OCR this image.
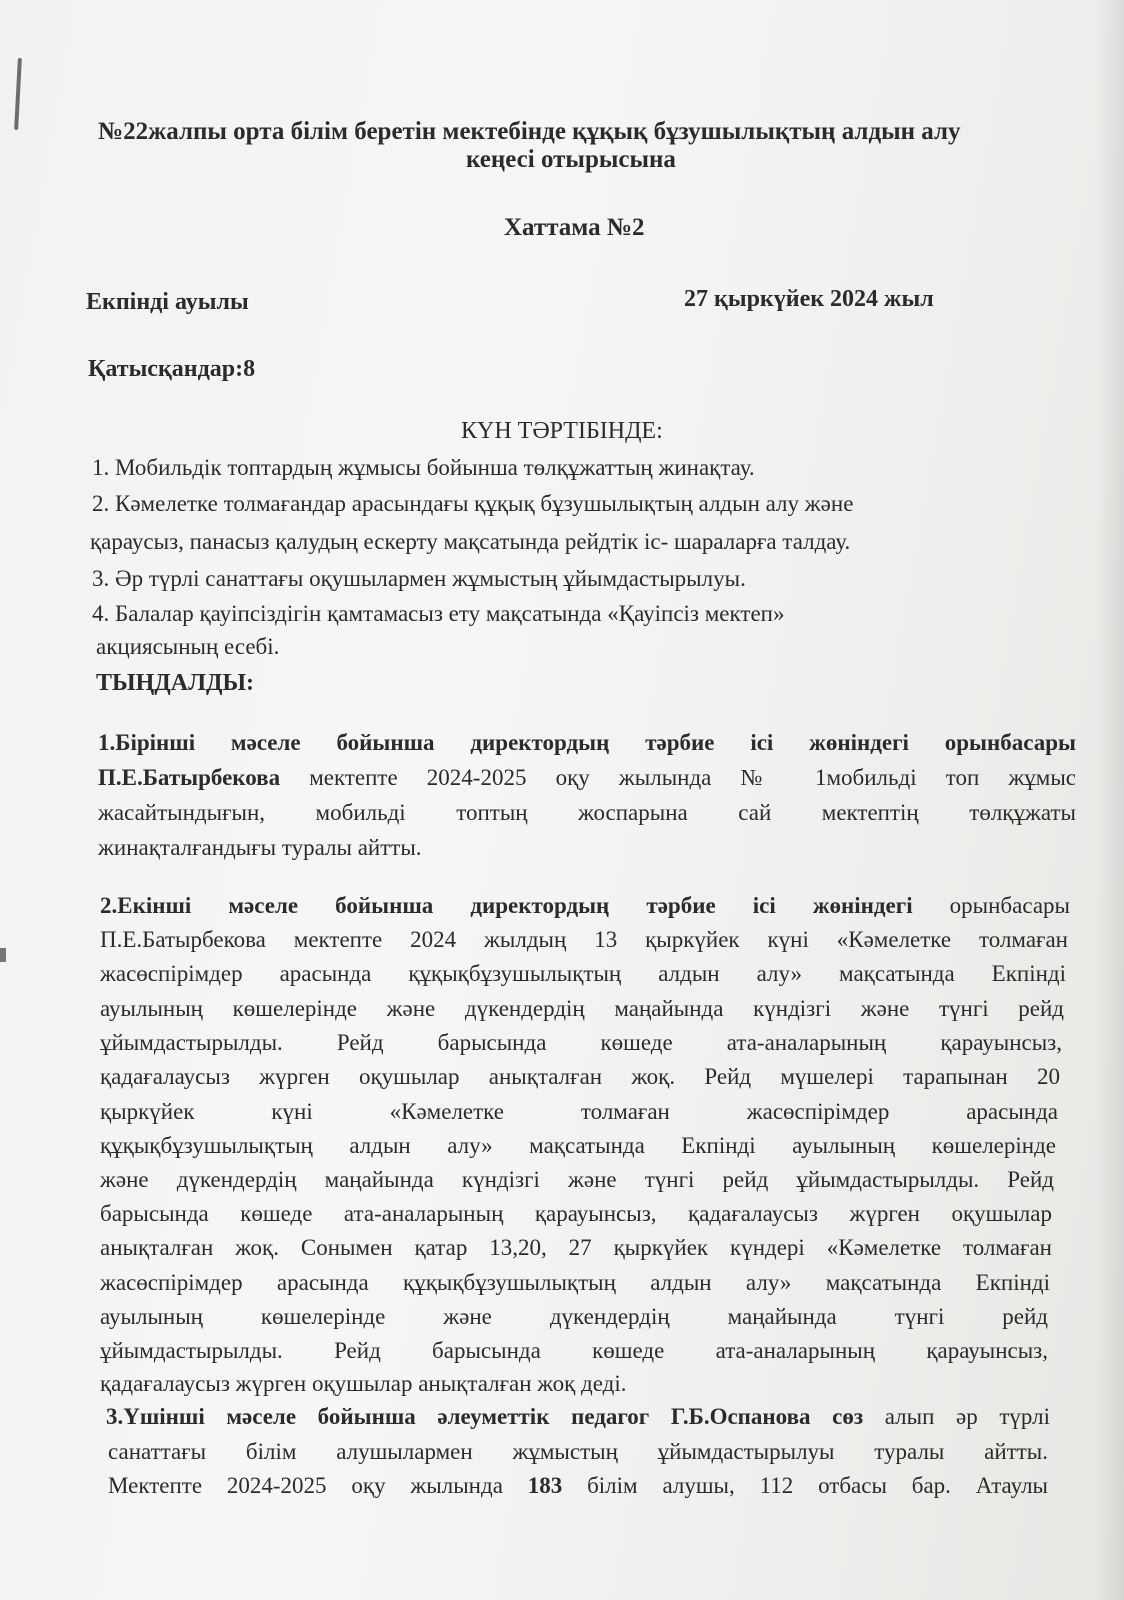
№22жалпы орта білім беретін мектебінде құқық бұзушылықтың алдын алу
кеңесі отырысына
Хаттама №2
Екпінді ауылы	27 қыркүйек 2024 жыл
Қатысқандар:8
КҮН ТӘРТІБІНДЕ:
1. Мобильдік топтардың жұмысы бойынша төлқұжаттың жинақтау.
2. Кәмелетке толмағандар арасындағы құқық бұзушылықтың алдын алу және
қараусыз, панасыз қалудың ескерту мақсатында рейдтік іс- шараларға талдау.
3. Әр түрлі санаттағы оқушылармен жұмыстың ұйымдастырылуы.
4. Балалар қауіпсіздігін қамтамасыз ету мақсатында «Қауіпсіз мектеп»
акциясының есебі.
ТЫҢДАЛДЫ:
1.Бірінші мәселе бойынша директордың тәрбие ісі жөніндегі орынбасары
П.Е.Батырбекова мектепте 2024-2025 оқу жылында № 1мобильді топ жұмыс
жасайтындығын, мобильді топтың жоспарына сай мектептің төлқұжаты
жинақталғандығы туралы айтты.
2.Екінші мәселе бойынша директордың тәрбие ісі жөніндегі орынбасары
П.Е.Батырбекова мектепте 2024 жылдың 13 қыркүйек күні «Кәмелетке толмаған
жасөспірімдер арасында құқықбұзушылықтың алдын алу» мақсатында Екпінді
ауылының көшелерінде және дүкендердің маңайында күндізгі және түнгі рейд
ұйымдастырылды. Рейд барысында көшеде ата-аналарының қарауынсыз,
қадағалаусыз жүрген оқушылар анықталған жоқ. Рейд мүшелері тарапынан 20
қыркүйек күні «Кәмелетке толмаған жасөспірімдер арасында
құқықбұзушылықтың алдын алу» мақсатында Екпінді ауылының көшелерінде
және дүкендердің маңайында күндізгі және түнгі рейд ұйымдастырылды. Рейд
барысында көшеде ата-аналарының қарауынсыз, қадағалаусыз жүрген оқушылар
анықталған жоқ. Сонымен қатар 13,20, 27 қыркүйек күндері «Кәмелетке толмаған
жасөспірімдер арасында құқықбұзушылықтың алдын алу» мақсатында Екпінді
ауылының көшелерінде және дүкендердің маңайында түнгі рейд
ұйымдастырылды. Рейд барысында көшеде ата-аналарының қарауынсыз,
қадағалаусыз жүрген оқушылар анықталған жоқ деді.
3.Үшінші мәселе бойынша әлеуметтік педагог Г.Б.Оспанова сөз алып әр түрлі
санаттағы білім алушылармен жұмыстың ұйымдастырылуы туралы айтты.
Мектепте 2024-2025 оқу жылында 183 білім алушы, 112 отбасы бар. Атаулы
